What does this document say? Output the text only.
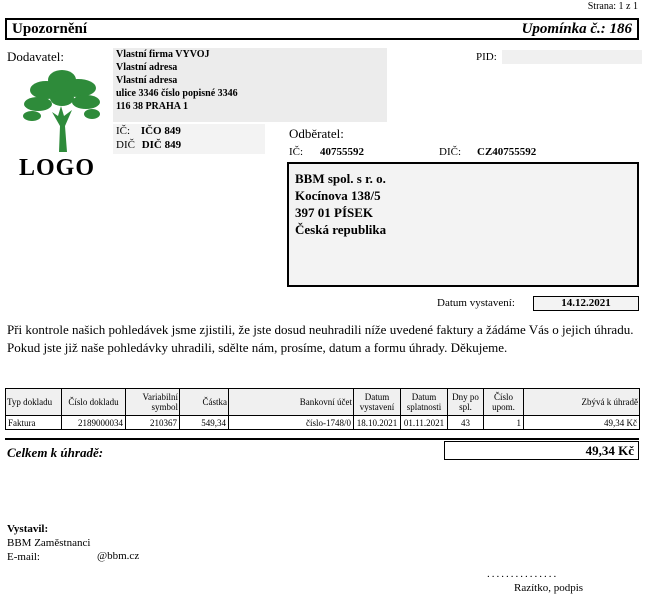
Strana: 1 z 1
Upozornění	Upomínka č.: 186
Dodavatel:	Vlastní firma VYVOJ
Vlastní adresa
Vlastní adresa
ulice 3346 číslo popisné 3346
116 38 PRAHA 1
PID:
LOGO
IČ: IČO 849
DIČ DIČ 849
Odběratel:
IČ: 40755592	DIČ: CZ40755592
BBM spol. s r. o.
Kocínova 138/5
397 01 PÍSEK
Česká republika
Datum vystavení:	14.12.2021
Při kontrole našich pohledávek jsme zjistili, že jste dosud neuhradili níže uvedené faktury a žádáme Vás o jejich úhradu. Pokud jste již naše pohledávky uhradili, sdělte nám, prosíme, datum a formu úhrady. Děkujeme.
Typ dokladu	Číslo dokladu	Variabilní symbol	Částka	Bankovní účet	Datum vystavení	Datum splatnosti	Dny po spl.	Číslo upom.	Zbývá k úhradě
Faktura	2189000034	210367	549,34	číslo-1748/0	18.10.2021	01.11.2021	43	1	49,34 Kč
Celkem k úhradě:	49,34 Kč
Vystavil:
BBM Zaměstnanci
E-mail:	@bbm.cz
...............
Razítko, podpis
